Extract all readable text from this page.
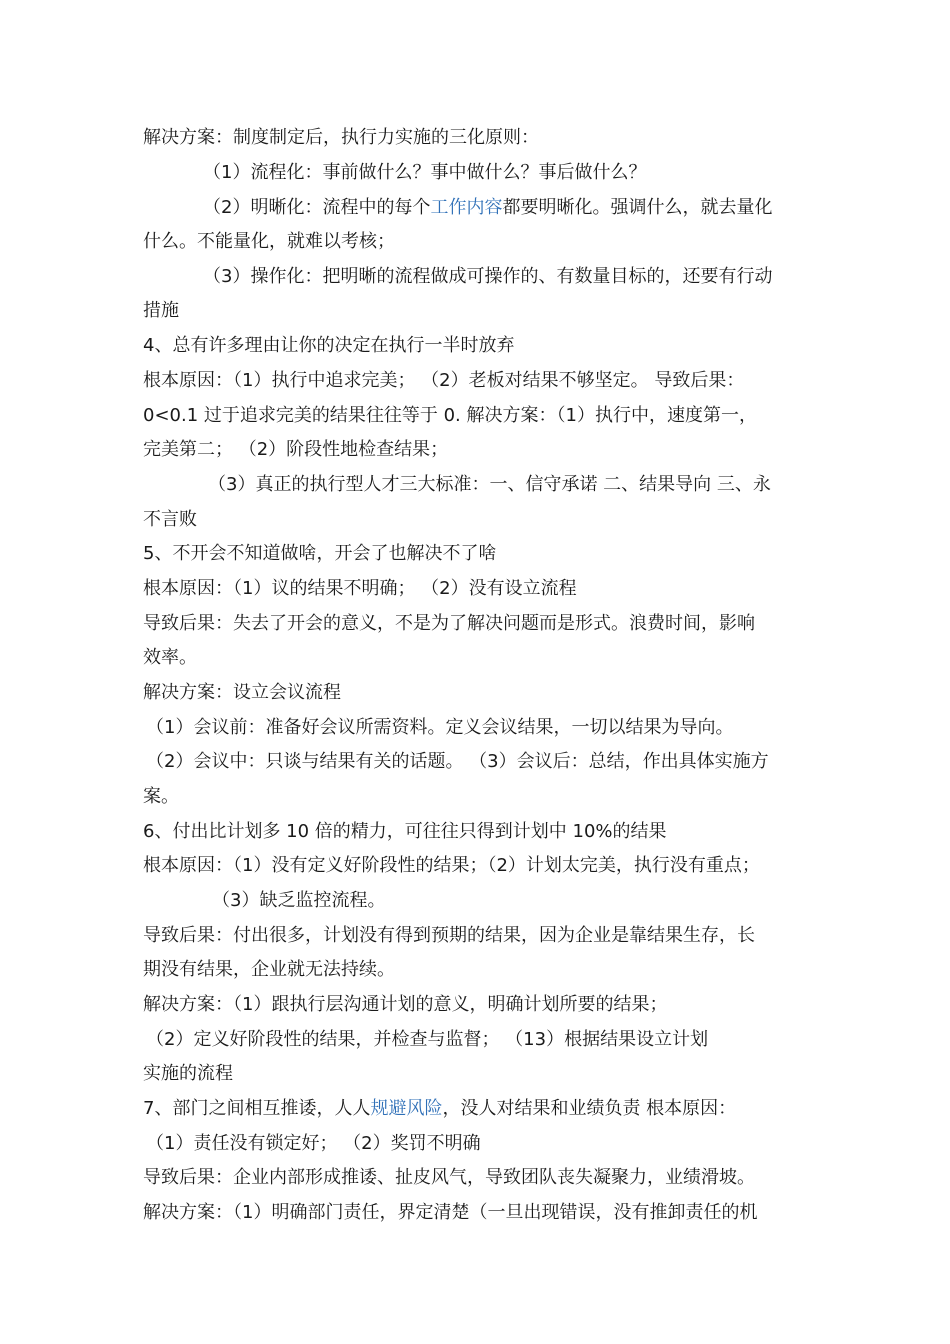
解决方案：制度制定后，执行力实施的三化原则：
（1）流程化：事前做什么？事中做什么？事后做什么？
（2）明晰化：流程中的每个工作内容都要明晰化。强调什么，就去量化
什么。不能量化，就难以考核；
（3）操作化：把明晰的流程做成可操作的、有数量目标的，还要有行动
措施
4、总有许多理由让你的决定在执行一半时放弃
根本原因：（1）执行中追求完美； （2）老板对结果不够坚定。 导致后果：
0<0.1 过于追求完美的结果往往等于 0. 解决方案：（1）执行中，速度第一，
完美第二； （2）阶段性地检查结果；
（3）真正的执行型人才三大标准：一、信守承诺 二、结果导向 三、永
不言败
5、不开会不知道做啥，开会了也解决不了啥
根本原因：（1）议的结果不明确； （2）没有设立流程
导致后果：失去了开会的意义，不是为了解决问题而是形式。浪费时间，影响
效率。
解决方案：设立会议流程
（1）会议前：准备好会议所需资料。定义会议结果，一切以结果为导向。
（2）会议中：只谈与结果有关的话题。 （3）会议后：总结，作出具体实施方
案。
6、付出比计划多 10 倍的精力，可往往只得到计划中 10%的结果
根本原因：（1）没有定义好阶段性的结果；（2）计划太完美，执行没有重点；
（3）缺乏监控流程。
导致后果：付出很多，计划没有得到预期的结果，因为企业是靠结果生存，长
期没有结果，企业就无法持续。
解决方案：（1）跟执行层沟通计划的意义，明确计划所要的结果；
（2）定义好阶段性的结果，并检查与监督； （13）根据结果设立计划
实施的流程
7、部门之间相互推诿，人人规避风险，没人对结果和业绩负责 根本原因：
（1）责任没有锁定好； （2）奖罚不明确
导致后果：企业内部形成推诿、扯皮风气，导致团队丧失凝聚力，业绩滑坡。
解决方案：（1）明确部门责任，界定清楚（一旦出现错误，没有推卸责任的机
